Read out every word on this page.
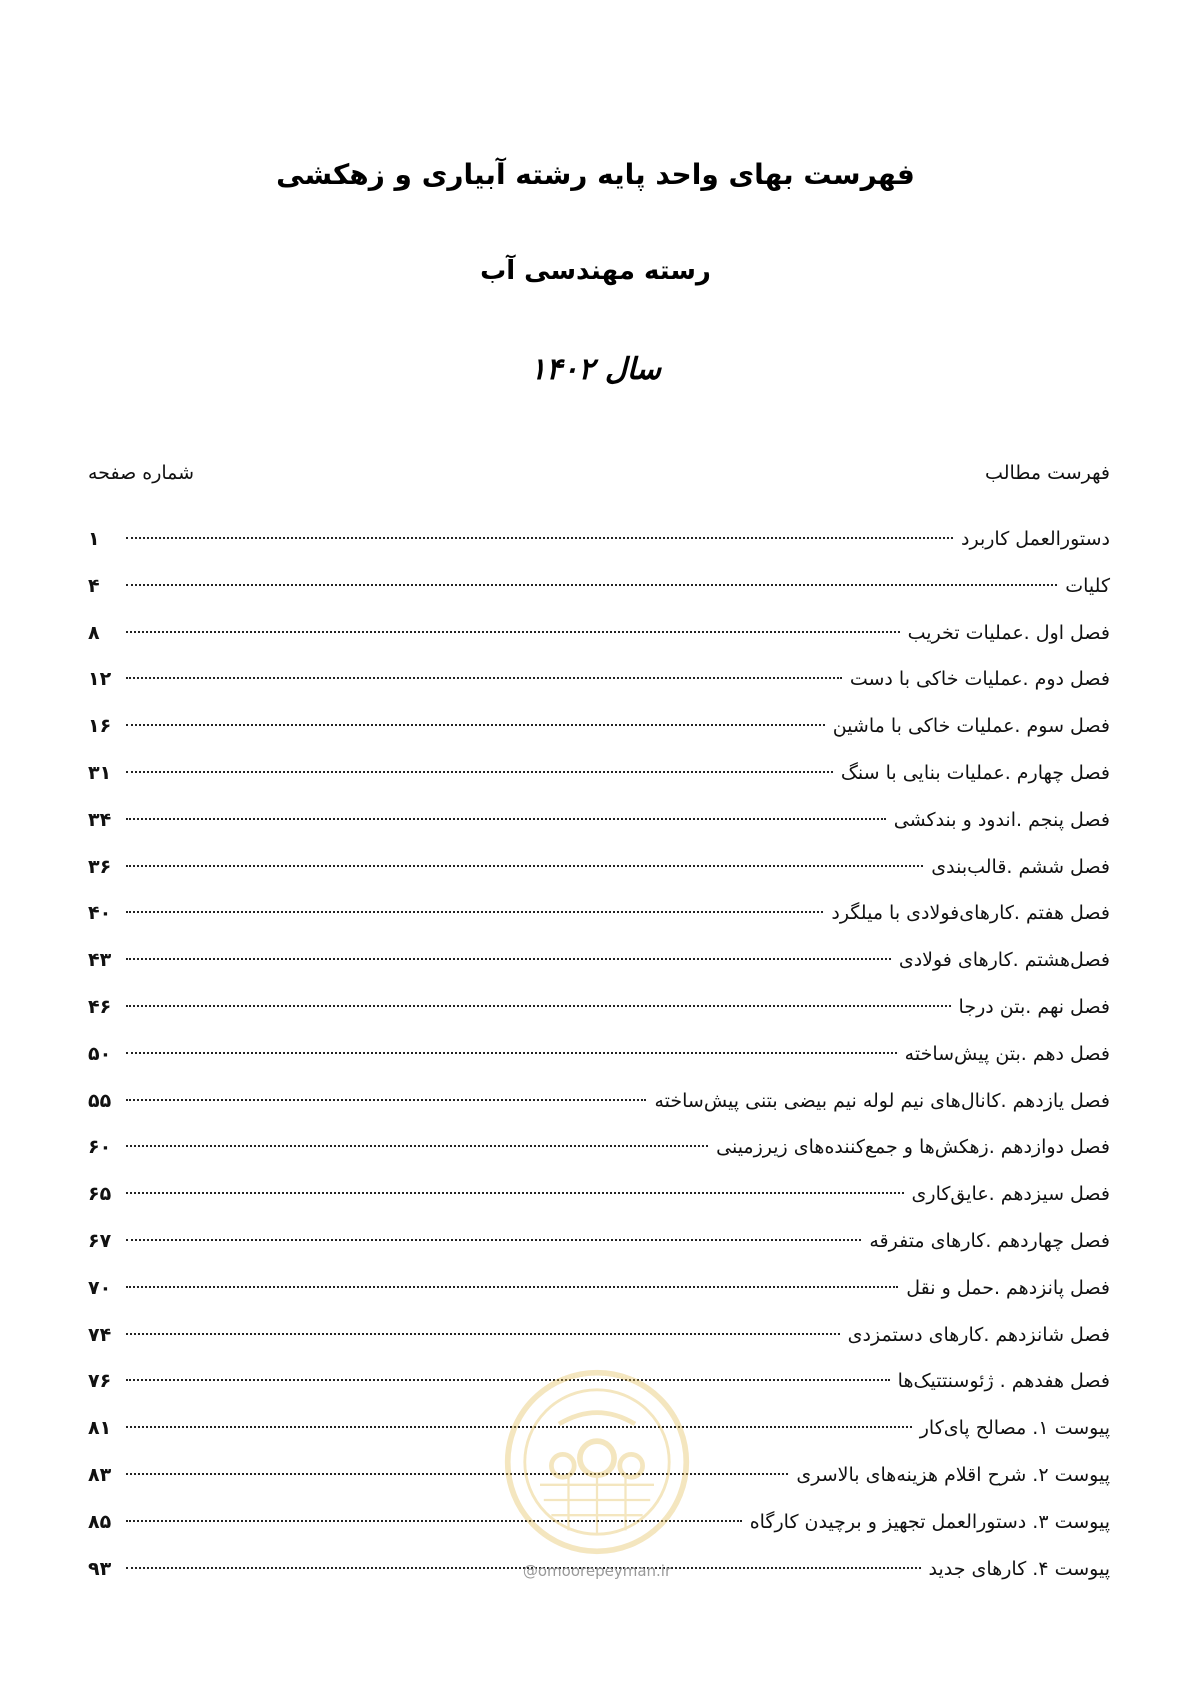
فهرست بهای واحد پایه رشته آبیاری و زهکشی
رسته مهندسی آب
سال ۱۴۰۲
فهرست مطالب
شماره صفحه
دستورالعمل کاربرد
۱
کلیات
۴
فصل اول .عملیات تخریب
۸
فصل دوم .عملیات خاکی با دست
۱۲
فصل سوم .عملیات خاکی با ماشین
۱۶
فصل چهارم .عملیات بنایی با سنگ
۳۱
فصل پنجم .اندود و بندکشی
۳۴
فصل ششم .قالب‌بندی
۳۶
فصل هفتم .کارهای‌فولادی با میلگرد
۴۰
فصل‌هشتم .کارهای فولادی
۴۳
فصل نهم .بتن درجا
۴۶
فصل دهم .بتن پیش‌ساخته
۵۰
فصل یازدهم .کانال‌های نیم لوله نیم بیضی بتنی پیش‌ساخته
۵۵
فصل دوازدهم .زهکش‌ها و جمع‌کننده‌های زیرزمینی
۶۰
فصل سیزدهم .عایق‌کاری
۶۵
فصل چهاردهم .کارهای متفرقه
۶۷
فصل پانزدهم .حمل و نقل
۷۰
فصل شانزدهم .کارهای دستمزدی
۷۴
فصل هفدهم . ژئوسنتتیک‌ها
۷۶
پیوست ۱. مصالح پای‌کار
۸۱
پیوست ۲. شرح اقلام هزینه‌های بالاسری
۸۳
پیوست ۳. دستورالعمل تجهیز و برچیدن کارگاه
۸۵
پیوست ۴. کارهای جدید
۹۳	@omoorepeyman.ir
